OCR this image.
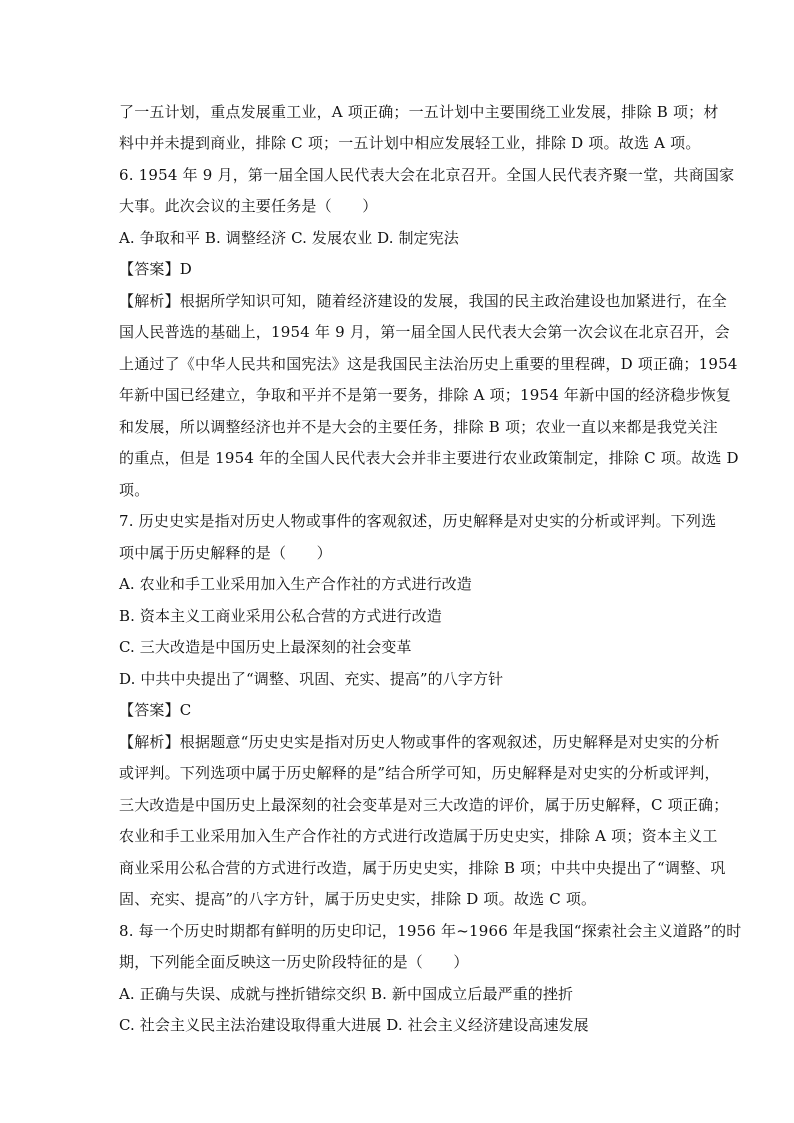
了一五计划，重点发展重工业，A 项正确；一五计划中主要围绕工业发展，排除 B 项；材
料中并未提到商业，排除 C 项；一五计划中相应发展轻工业，排除 D 项。故选 A 项。
6. 1954 年 9 月，第一届全国人民代表大会在北京召开。全国人民代表齐聚一堂，共商国家
大事。此次会议的主要任务是（　　）
A. 争取和平 B. 调整经济 C. 发展农业 D. 制定宪法
【答案】D
【解析】根据所学知识可知，随着经济建设的发展，我国的民主政治建设也加紧进行，在全
国人民普选的基础上，1954 年 9 月，第一届全国人民代表大会第一次会议在北京召开，会
上通过了《中华人民共和国宪法》这是我国民主法治历史上重要的里程碑，D 项正确；1954
年新中国已经建立，争取和平并不是第一要务，排除 A 项；1954 年新中国的经济稳步恢复
和发展，所以调整经济也并不是大会的主要任务，排除 B 项；农业一直以来都是我党关注
的重点，但是 1954 年的全国人民代表大会并非主要进行农业政策制定，排除 C 项。故选 D
项。
7. 历史史实是指对历史人物或事件的客观叙述，历史解释是对史实的分析或评判。下列选
项中属于历史解释的是（　　）
A. 农业和手工业采用加入生产合作社的方式进行改造
B. 资本主义工商业采用公私合营的方式进行改造
C. 三大改造是中国历史上最深刻的社会变革
D. 中共中央提出了“调整、巩固、充实、提高”的八字方针
【答案】C
【解析】根据题意“历史史实是指对历史人物或事件的客观叙述，历史解释是对史实的分析
或评判。下列选项中属于历史解释的是”结合所学可知，历史解释是对史实的分析或评判，
三大改造是中国历史上最深刻的社会变革是对三大改造的评价，属于历史解释，C 项正确；
农业和手工业采用加入生产合作社的方式进行改造属于历史史实，排除 A 项；资本主义工
商业采用公私合营的方式进行改造，属于历史史实，排除 B 项；中共中央提出了“调整、巩
固、充实、提高”的八字方针，属于历史史实，排除 D 项。故选 C 项。
8. 每一个历史时期都有鲜明的历史印记，1956 年~1966 年是我国“探索社会主义道路”的时
期，下列能全面反映这一历史阶段特征的是（　　）
A. 正确与失误、成就与挫折错综交织 B. 新中国成立后最严重的挫折
C. 社会主义民主法治建设取得重大进展 D. 社会主义经济建设高速发展
